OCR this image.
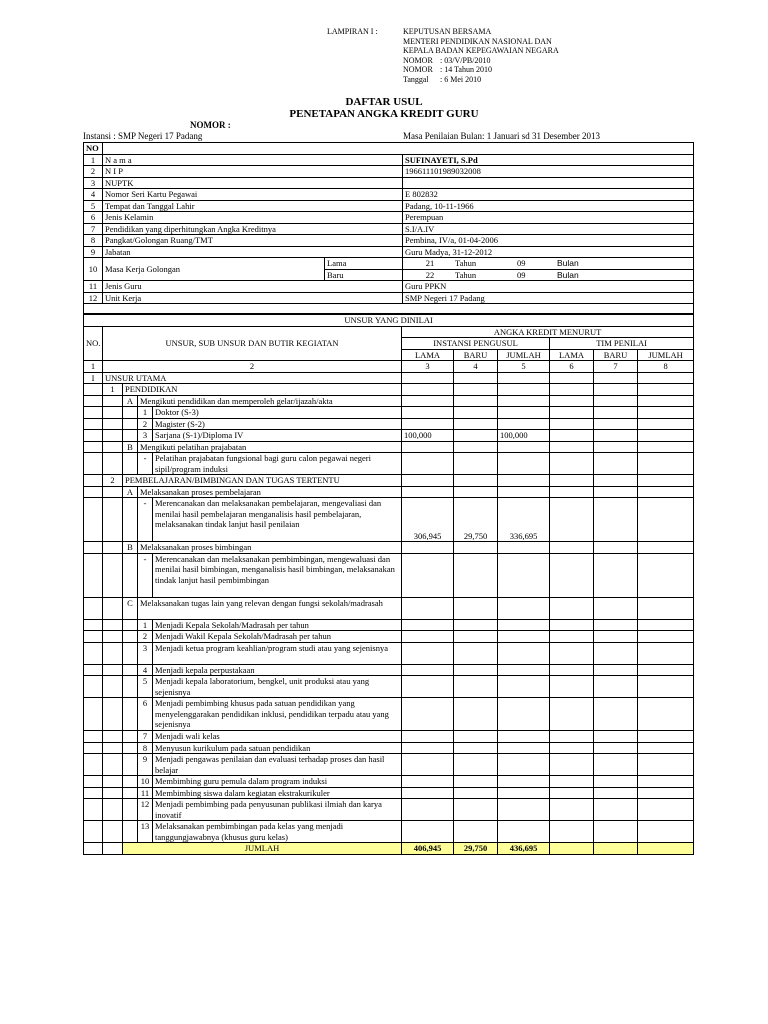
LAMPIRAN I :	KEPUTUSAN BERSAMA
MENTERI PENDIDIKAN NASIONAL DAN
KEPALA BADAN KEPEGAWAIAN NEGARA
NOMOR : 03/V/PB/2010
NOMOR : 14 Tahun 2010
Tanggal : 6 Mei 2010
DAFTAR USUL
PENETAPAN ANGKA KREDIT GURU
NOMOR :
Instansi : SMP Negeri 17 Padang	Masa Penilaian Bulan: 1 Januari sd 31 Desember 2013
NO			
1	N a m a		SUFINAYETI, S.Pd
2	N I P		196611101989032008
3	NUPTK		
4	Nomor Seri Kartu Pegawai		E 802832
5	Tempat dan Tanggal Lahir		Padang, 10-11-1966
6	Jenis Kelamin		Perempuan
7	Pendidikan yang diperhitungkan Angka Kreditnya		S.I/A.IV
8	Pangkat/Golongan Ruang/TMT		Pembina, IV/a, 01-04-2006
9	Jabatan		Guru Madya, 31-12-2012
10	Masa Kerja Golongan	Lama	21 Tahun 09 Bulan
		Baru	22 Tahun 09 Bulan
11	Jenis Guru		Guru PPKN
12	Unit Kerja		SMP Negeri 17 Padang

UNSUR YANG DINILAI										
NO.	UNSUR, SUB UNSUR DAN BUTIR KEGIATAN				ANGKA KREDIT MENURUT					
					INSTANSI PENGUSUL			TIM PENILAI		
					LAMA	BARU	JUMLAH	LAMA	BARU	JUMLAH
1	2				3	4	5	6	7	8
I	UNSUR UTAMA									
	1	PENDIDIKAN								
		A	Mengikuti pendidikan dan memperoleh gelar/ijazah/akta							
			1	Doktor (S-3)						
			2	Magister (S-2)						
			3	Sarjana (S-1)/Diploma IV	100,000		100,000			
		B	Mengikuti pelatihan prajabatan							
			-	Pelatihan prajabatan fungsional bagi guru calon pegawai negeri sipil/program induksi						
	2	PEMBELAJARAN/BIMBINGAN DAN TUGAS TERTENTU								
		A	Melaksanakan proses pembelajaran							
			-	Merencanakan dan melaksanakan pembelajaran, mengevaliasi dan menilai hasil pembelajaran menganalisis hasil pembelajaran, melaksanakan tindak lanjut hasil penilaian	306,945	29,750	336,695			
		B	Melaksanakan proses bimbingan							
			-	Merencanakan dan melaksanakan pembimbingan, mengewaluasi dan menilai hasil bimbingan, menganalisis hasil bimbingan, melaksanakan tindak lanjut hasil pembimbingan						
		C	Melaksanakan tugas lain yang relevan dengan fungsi sekolah/madrasah							
			1	Menjadi Kepala Sekolah/Madrasah per tahun						
			2	Menjadi Wakil Kepala Sekolah/Madrasah per tahun						
			3	Menjadi ketua program keahlian/program studi atau yang sejenisnya						
			4	Menjadi kepala perpustakaan						
			5	Menjadi kepala laboratorium, bengkel, unit produksi atau yang sejenisnya						
			6	Menjadi pembimbing khusus pada satuan pendidikan yang menyelenggarakan pendidikan inklusi, pendidikan terpadu atau yang sejenisnya						
			7	Menjadi wali kelas						
			8	Menyusun kurikulum pada satuan pendidikan						
			9	Menjadi pengawas penilaian dan evaluasi terhadap proses dan hasil belajar						
			10	Membimbing guru pemula dalam program induksi						
			11	Membimbing siswa dalam kegiatan ekstrakurikuler						
			12	Menjadi pembimbing pada penyusunan publikasi ilmiah dan karya inovatif						
			13	Melaksanakan pembimbingan pada kelas yang menjadi tanggungjawabnya (khusus guru kelas)						
		JUMLAH			406,945	29,750	436,695			
